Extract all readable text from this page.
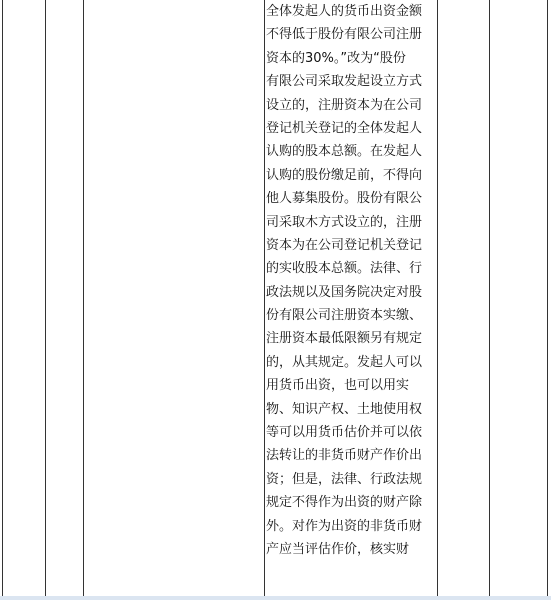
全体发起人的货币出资金额
不得低于股份有限公司注册
资本的30%。”改为“股份
有限公司采取发起设立方式
设立的，注册资本为在公司
登记机关登记的全体发起人
认购的股本总额。在发起人
认购的股份缴足前，不得向
他人募集股份。股份有限公
司采取木方式设立的，注册
资本为在公司登记机关登记
的实收股本总额。法律、行
政法规以及国务院决定对股
份有限公司注册资本实缴、
注册资本最低限额另有规定
的，从其规定。发起人可以
用货币出资，也可以用实
物、知识产权、土地使用权
等可以用货币估价并可以依
法转让的非货币财产作价出
资；但是，法律、行政法规
规定不得作为出资的财产除
外。对作为出资的非货币财
产应当评估作价，核实财
